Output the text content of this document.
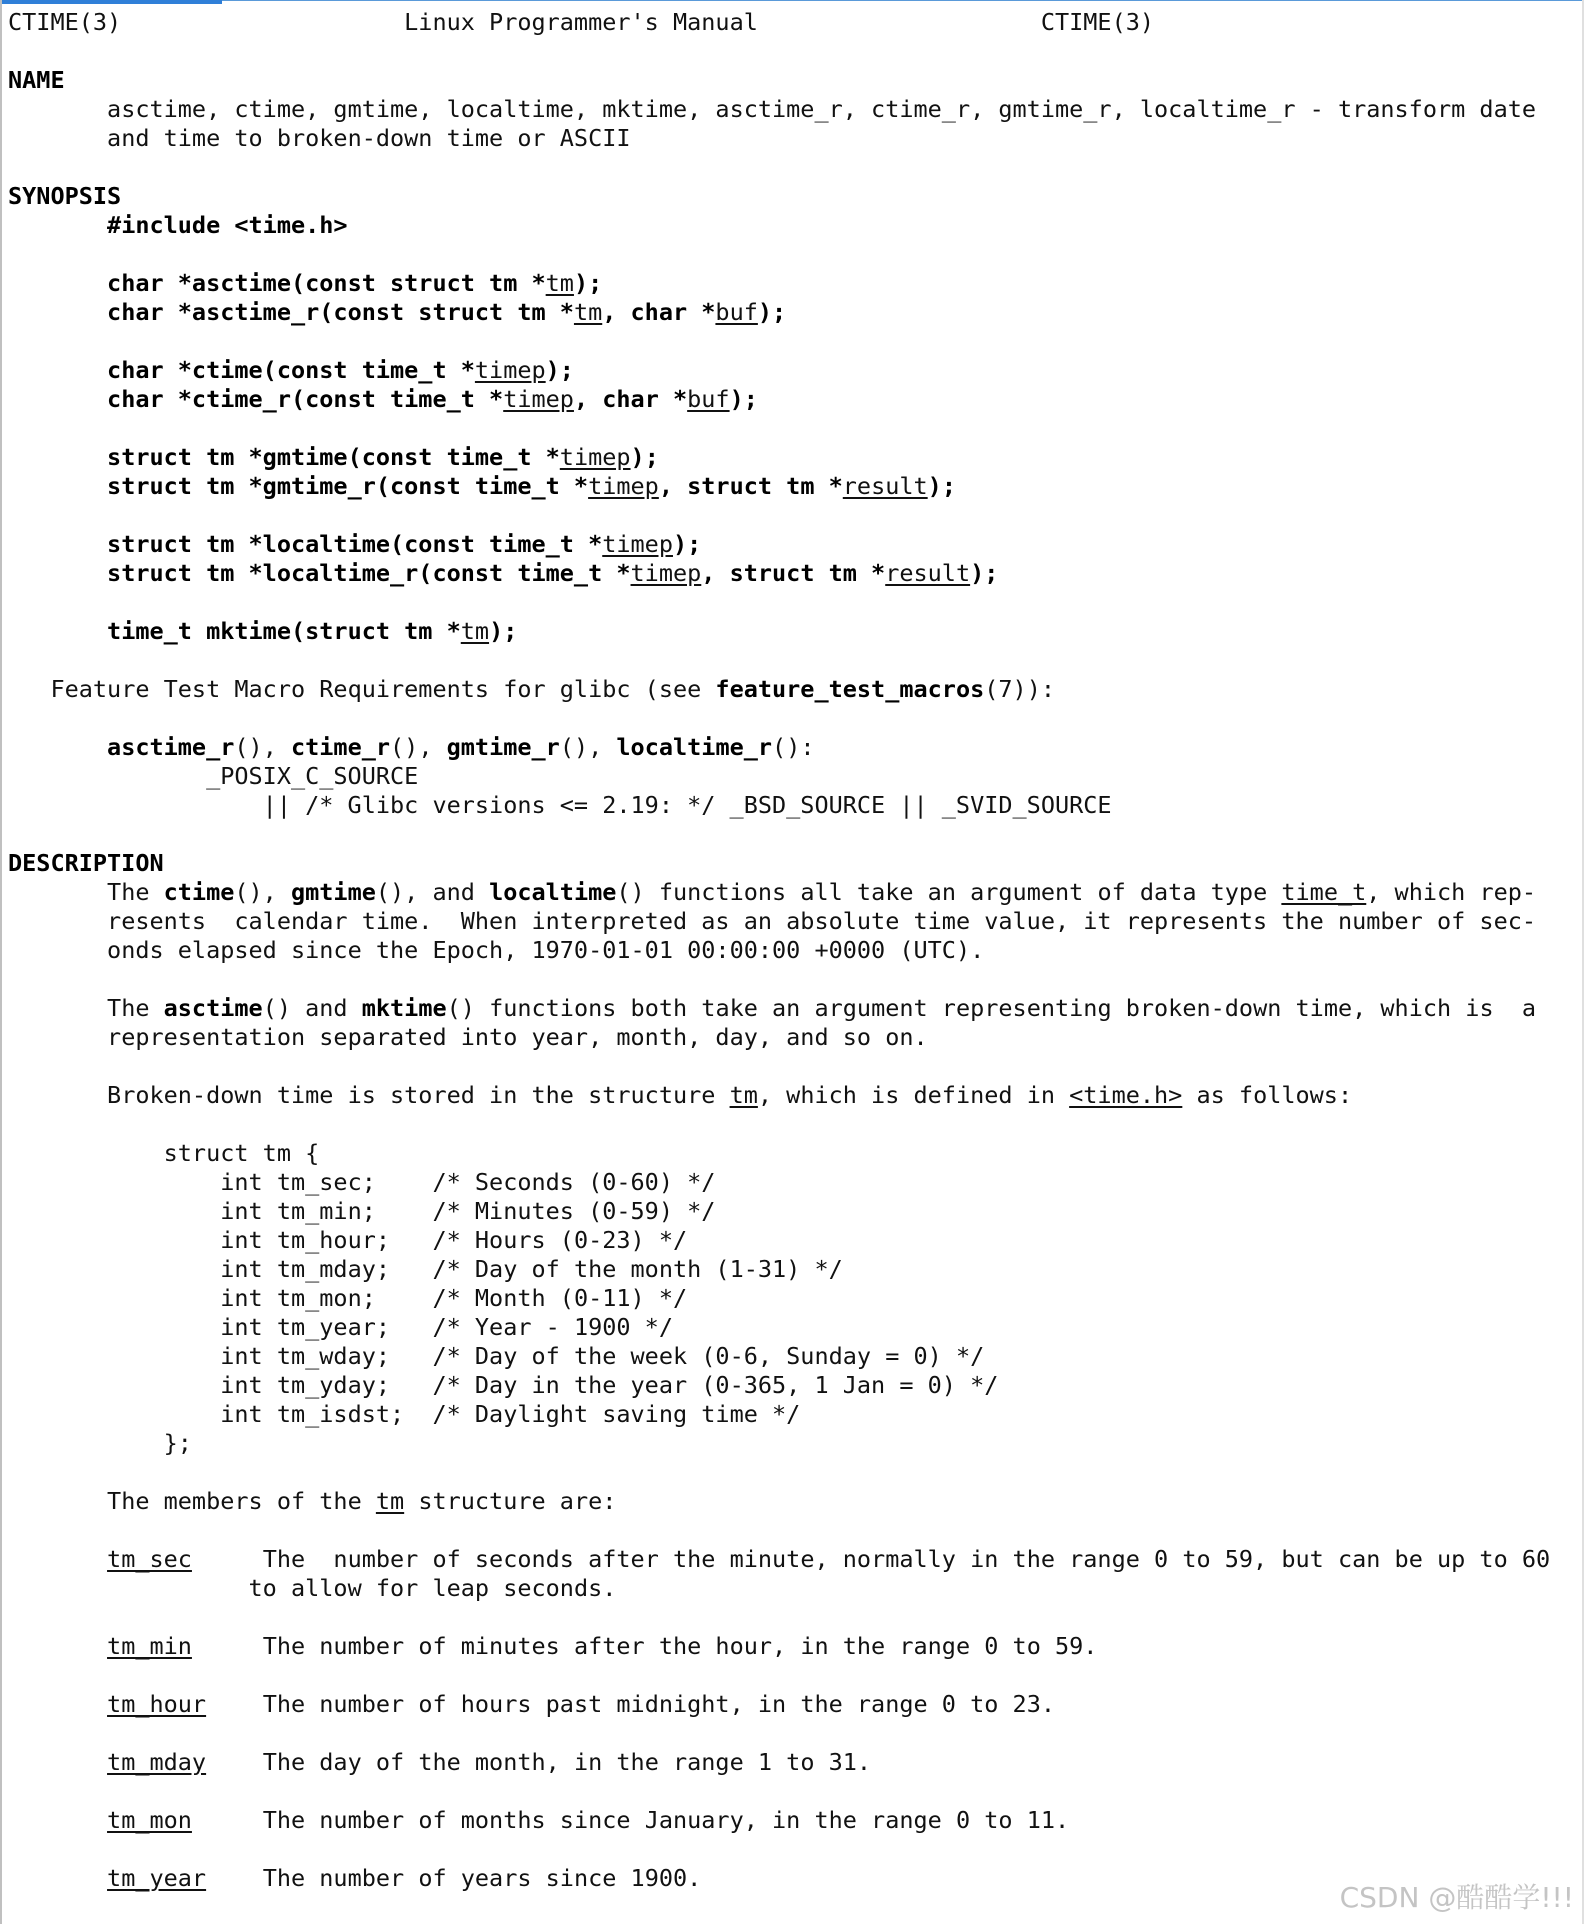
CTIME(3)	Linux Programmer's Manual	CTIME(3)

NAME
asctime, ctime, gmtime, localtime, mktime, asctime_r, ctime_r, gmtime_r, localtime_r - transform date
and time to broken-down time or ASCII

SYNOPSIS
#include <time.h>

char *asctime(const struct tm *tm);
char *asctime_r(const struct tm *tm, char *buf);

char *ctime(const time_t *timep);
char *ctime_r(const time_t *timep, char *buf);

struct tm *gmtime(const time_t *timep);
struct tm *gmtime_r(const time_t *timep, struct tm *result);

struct tm *localtime(const time_t *timep);
struct tm *localtime_r(const time_t *timep, struct tm *result);

time_t mktime(struct tm *tm);

Feature Test Macro Requirements for glibc (see feature_test_macros(7)):

asctime_r(), ctime_r(), gmtime_r(), localtime_r():
_POSIX_C_SOURCE
|| /* Glibc versions <= 2.19: */ _BSD_SOURCE || _SVID_SOURCE

DESCRIPTION
The ctime(), gmtime(), and localtime() functions all take an argument of data type time_t, which rep-
resents  calendar time.  When interpreted as an absolute time value, it represents the number of sec-
onds elapsed since the Epoch, 1970-01-01 00:00:00 +0000 (UTC).

The asctime() and mktime() functions both take an argument representing broken-down time, which is  a
representation separated into year, month, day, and so on.

Broken-down time is stored in the structure tm, which is defined in <time.h> as follows:

struct tm {
int tm_sec;    /* Seconds (0-60) */
int tm_min;    /* Minutes (0-59) */
int tm_hour;   /* Hours (0-23) */
int tm_mday;   /* Day of the month (1-31) */
int tm_mon;    /* Month (0-11) */
int tm_year;   /* Year - 1900 */
int tm_wday;   /* Day of the week (0-6, Sunday = 0) */
int tm_yday;   /* Day in the year (0-365, 1 Jan = 0) */
int tm_isdst;  /* Daylight saving time */
};

The members of the tm structure are:

tm_sec	The  number of seconds after the minute, normally in the range 0 to 59, but can be up to 60
to allow for leap seconds.

tm_min	The number of minutes after the hour, in the range 0 to 59.

tm_hour The number of hours past midnight, in the range 0 to 23.

tm_mday The day of the month, in the range 1 to 31.

tm_mon	The number of months since January, in the range 0 to 11.

tm_year The number of years since 1900.
CSDN @酷酷学!!!
